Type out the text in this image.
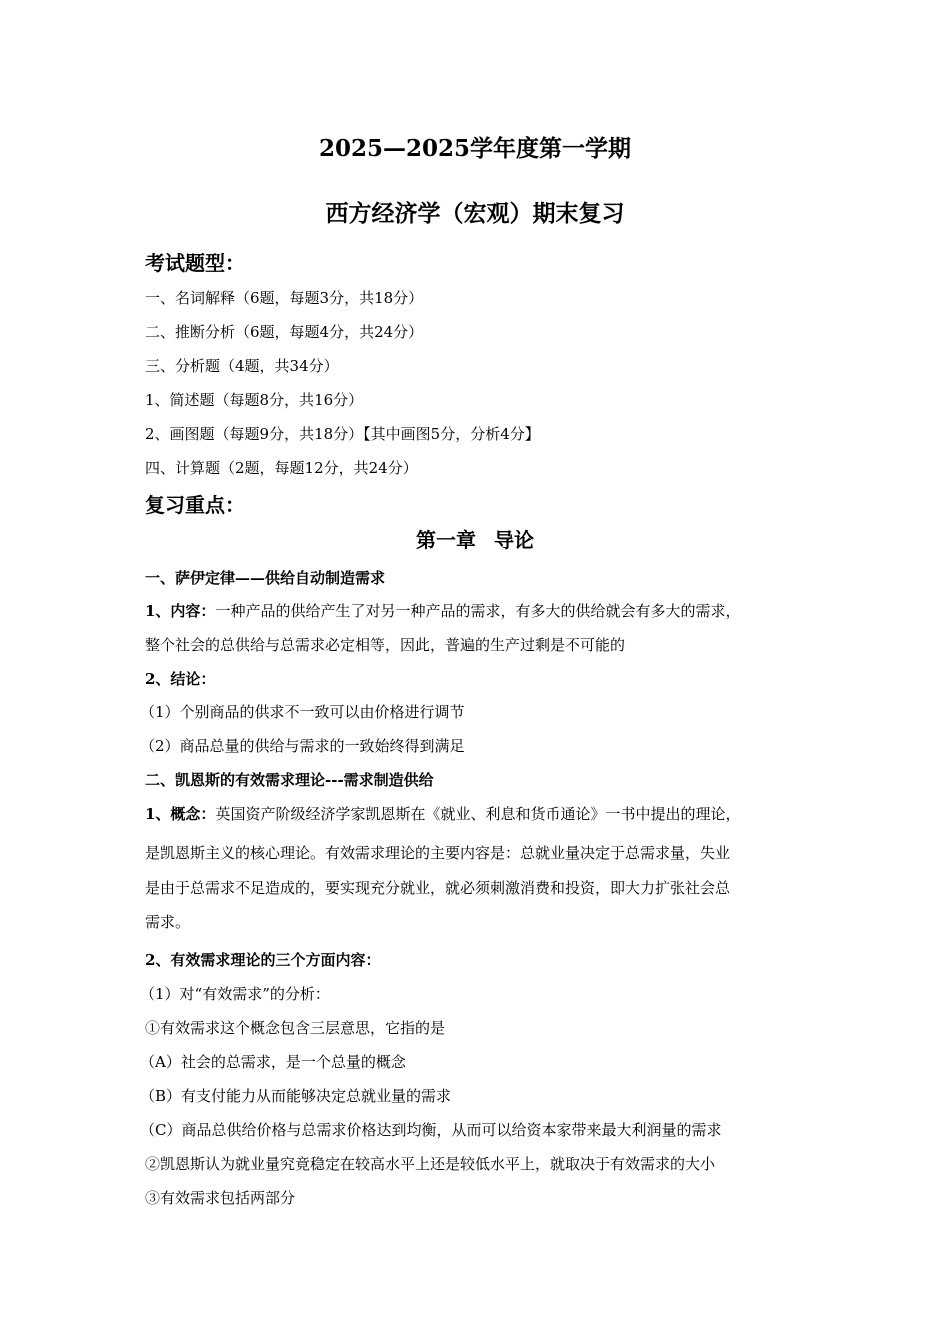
2025—2025学年度第一学期
西方经济学（宏观）期末复习
考试题型：
一、名词解释（6题，每题3分，共18分）
二、推断分析（6题，每题4分，共24分）
三、分析题（4题，共34分）
1、简述题（每题8分，共16分）
2、画图题（每题9分，共18分）【其中画图5分，分析4分】
四、计算题（2题，每题12分，共24分）
复习重点：
第一章 导论
一、萨伊定律——供给自动制造需求
1、内容：一种产品的供给产生了对另一种产品的需求，有多大的供给就会有多大的需求，
整个社会的总供给与总需求必定相等，因此，普遍的生产过剩是不可能的
2、结论：
（1）个别商品的供求不一致可以由价格进行调节
（2）商品总量的供给与需求的一致始终得到满足
二、凯恩斯的有效需求理论---需求制造供给
1、概念：英国资产阶级经济学家凯恩斯在《就业、利息和货币通论》一书中提出的理论，
是凯恩斯主义的核心理论。有效需求理论的主要内容是：总就业量决定于总需求量，失业
是由于总需求不足造成的，要实现充分就业，就必须刺激消费和投资，即大力扩张社会总
需求。
2、有效需求理论的三个方面内容：
（1）对“有效需求”的分析：
①有效需求这个概念包含三层意思，它指的是
（A）社会的总需求，是一个总量的概念
（B）有支付能力从而能够决定总就业量的需求
（C）商品总供给价格与总需求价格达到均衡，从而可以给资本家带来最大利润量的需求
②凯恩斯认为就业量究竟稳定在较高水平上还是较低水平上，就取决于有效需求的大小
③有效需求包括两部分
